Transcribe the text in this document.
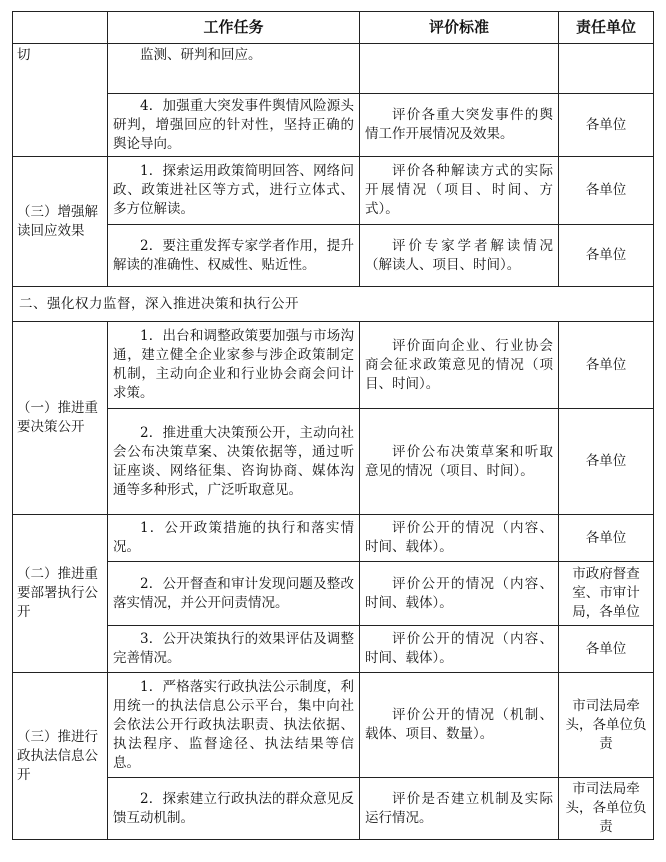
	工作任务	评价标准	责任单位
切	监测、研判和回应。		
	4．加强重大突发事件舆情风险源头研判，增强回应的针对性，坚持正确的舆论导向。	评价各重大突发事件的舆情工作开展情况及效果。	各单位
（三）增强解读回应效果	1．探索运用政策简明回答、网络问政、政策进社区等方式，进行立体式、多方位解读。	评价各种解读方式的实际开展情况（项目、时间、方式）。	各单位
	2．要注重发挥专家学者作用，提升解读的准确性、权威性、贴近性。	评价专家学者解读情况（解读人、项目、时间）。	各单位
二、强化权力监督，深入推进决策和执行公开			
（一）推进重要决策公开	1．出台和调整政策要加强与市场沟通，建立健全企业家参与涉企政策制定机制，主动向企业和行业协会商会问计求策。	评价面向企业、行业协会商会征求政策意见的情况（项目、时间）。	各单位
	2．推进重大决策预公开，主动向社会公布决策草案、决策依据等，通过听证座谈、网络征集、咨询协商、媒体沟通等多种形式，广泛听取意见。	评价公布决策草案和听取意见的情况（项目、时间）。	各单位
（二）推进重要部署执行公开	1．公开政策措施的执行和落实情况。	评价公开的情况（内容、时间、载体）。	各单位
	2．公开督查和审计发现问题及整改落实情况，并公开问责情况。	评价公开的情况（内容、时间、载体）。	市政府督查室、市审计局，各单位
	3．公开决策执行的效果评估及调整完善情况。	评价公开的情况（内容、时间、载体）。	各单位
（三）推进行政执法信息公开	1．严格落实行政执法公示制度，利用统一的执法信息公示平台，集中向社会依法公开行政执法职责、执法依据、执法程序、监督途径、执法结果等信息。	评价公开的情况（机制、载体、项目、数量）。	市司法局牵头，各单位负责
	2．探索建立行政执法的群众意见反馈互动机制。	评价是否建立机制及实际运行情况。	市司法局牵头，各单位负责
